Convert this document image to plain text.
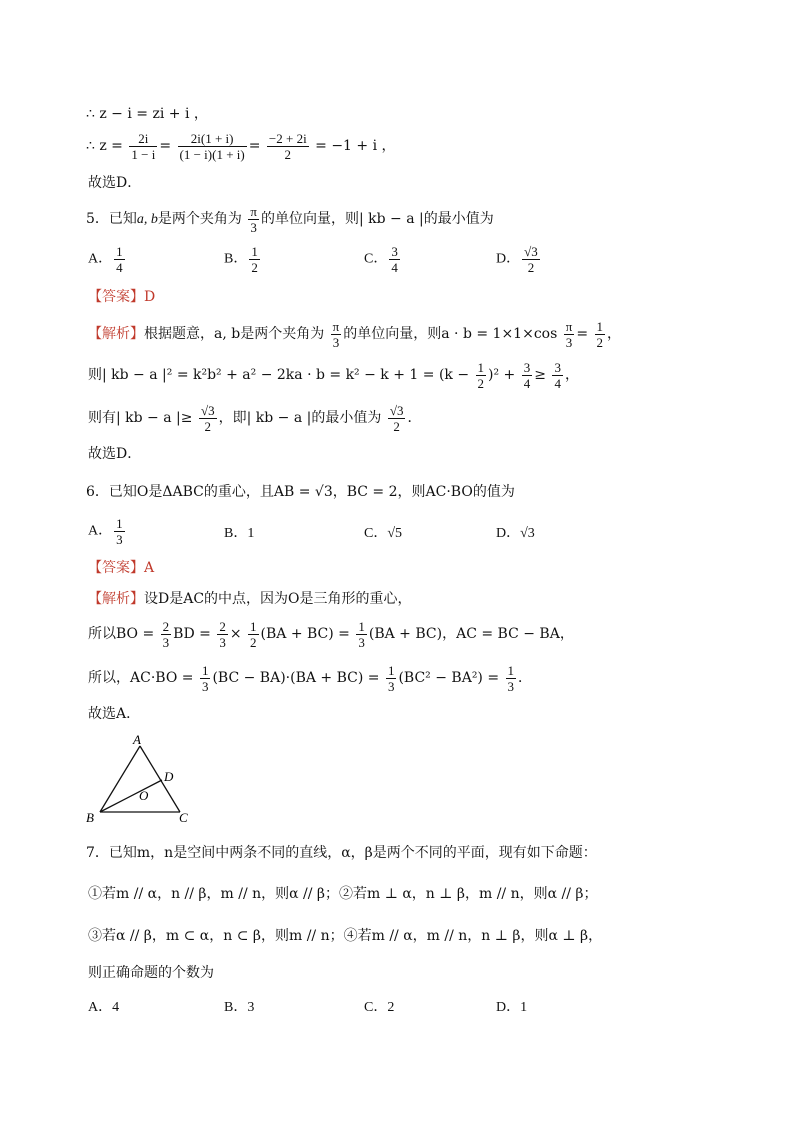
∴ z − i = zi + i ，
∴ $z = \frac{2i}{1 - i} = \frac{2i(1 + i)}{(1 - i)(1 + i)} = \frac{-2 + 2i}{2} = -1 + i$ ，
故选D．
5．已知a, b是两个夹角为 $\frac{\pi}{3}$ 的单位向量，则| kb − a |的最小值为
A． $\frac{1}{4}$	B． $\frac{1}{2}$	C． $\frac{3}{4}$	D． $\frac{√3}{2}$
【答案】D
【解析】根据题意，a, b是两个夹角为 $\frac{\pi}{3}$ 的单位向量，则$a \cdot b = 1\times 1\times\cos \frac{\pi}{3} = \frac{1}{2}$ ，
则| kb − a $|^2 = k^2b^2 + a^2 - 2ka \cdot b = k^2 - k + 1 = (k - \frac{1}{2} )^2 + \frac{3}{4} \ge \frac{3}{4}$ ，
则有| kb − a |≥ $\frac{√3}{2}$ ，即| kb − a |的最小值为 $\frac{√3}{2}$ ．
故选D．
6．已知O是ΔABC的重心，且AB = √3，BC = 2，则AC·BO的值为
A． $\frac{1}{3}$	B．1	C．√5	D．√3
【答案】A
【解析】设D是AC的中点，因为O是三角形的重心，
所以BO = $\frac{2}{3}$ BD = $\frac{2}{3} \times \frac{1}{2} (BA + BC) = \frac{1}{3} (BA + BC)$，AC = BC − BA，
所以，$AC\cdot BO = \frac{1}{3} (BC - BA)\cdot(BA + BC) = \frac{1}{3} (BC^2 - BA^2) = \frac{1}{3}$ ．
故选A．
A
B	C
D
O
7．已知m，n是空间中两条不同的直线，α，β是两个不同的平面，现有如下命题：
①若m // α，n // β，m // n，则α // β；②若m ⊥ α，n ⊥ β，m // n，则α // β；
③若α // β，m ⊂ α，n ⊂ β，则m // n；④若m // α，m // n，n ⊥ β，则α ⊥ β，
则正确命题的个数为
A．4	B．3	C．2	D．1
